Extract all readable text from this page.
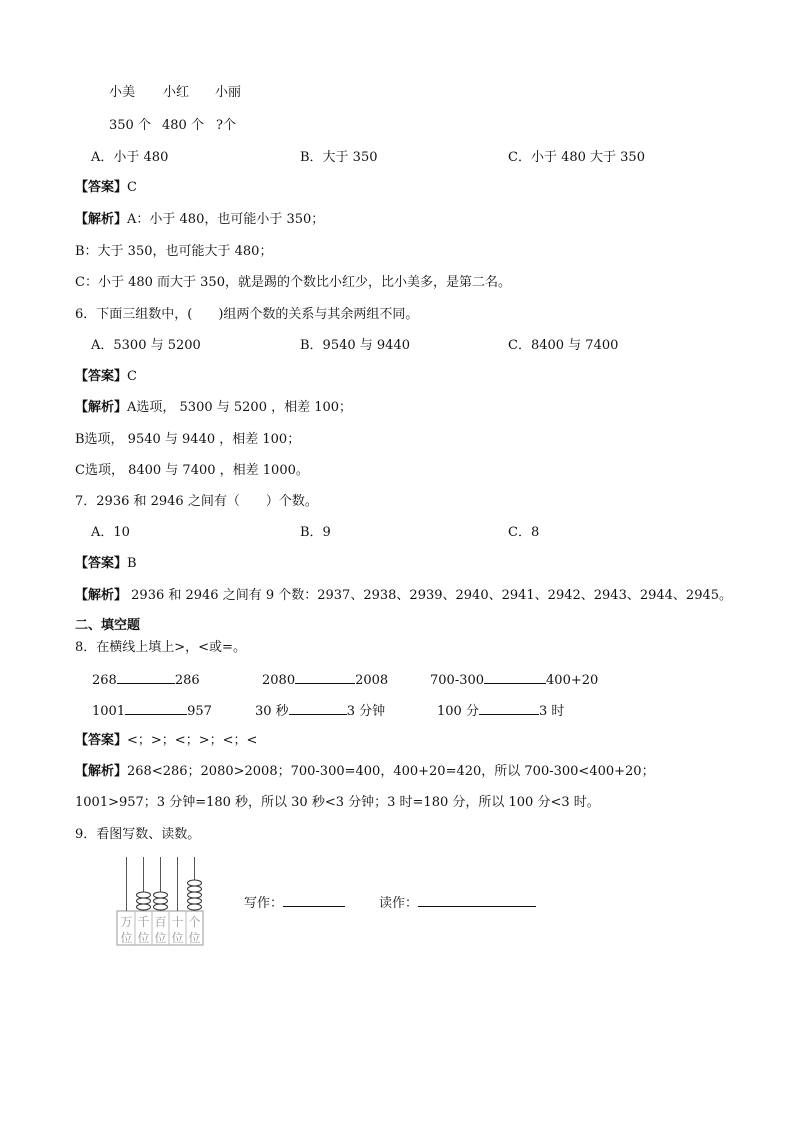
小美 小红 小丽
350 个 480 个 ?个
A．小于 480	B．大于 350	C．小于 480 大于 350
【答案】C
【解析】A：小于 480，也可能小于 350；
B：大于 350，也可能大于 480；
C：小于 480 而大于 350，就是踢的个数比小红少，比小美多，是第二名。
6．下面三组数中，(　　)组两个数的关系与其余两组不同。
A．5300 与 5200	B．9540 与 9440	C．8400 与 7400
【答案】C
【解析】A选项， 5300 与 5200 ，相差 100；
B选项， 9540 与 9440 ，相差 100；
C选项， 8400 与 7400 ，相差 1000。
7．2936 和 2946 之间有（　　）个数。
A．10	B．9	C．8
【答案】B
【解析】 2936 和 2946 之间有 9 个数：2937、2938、2939、2940、2941、2942、2943、2944、2945。
二、填空题
8．在横线上填上>，<或=。
268	286	2080	2008	700-300	400+20
1001	957	30 秒	3 分钟	100 分	3 时
【答案】<；>；<；>；<；<
【解析】268<286；2080>2008；700-300=400，400+20=420，所以 700-300<400+20；
1001>957；3 分钟=180 秒，所以 30 秒<3 分钟；3 时=180 分，所以 100 分<3 时。
9．看图写数、读数。
万
位
千
位
百
位
十
位
个
位
写作：	读作：
